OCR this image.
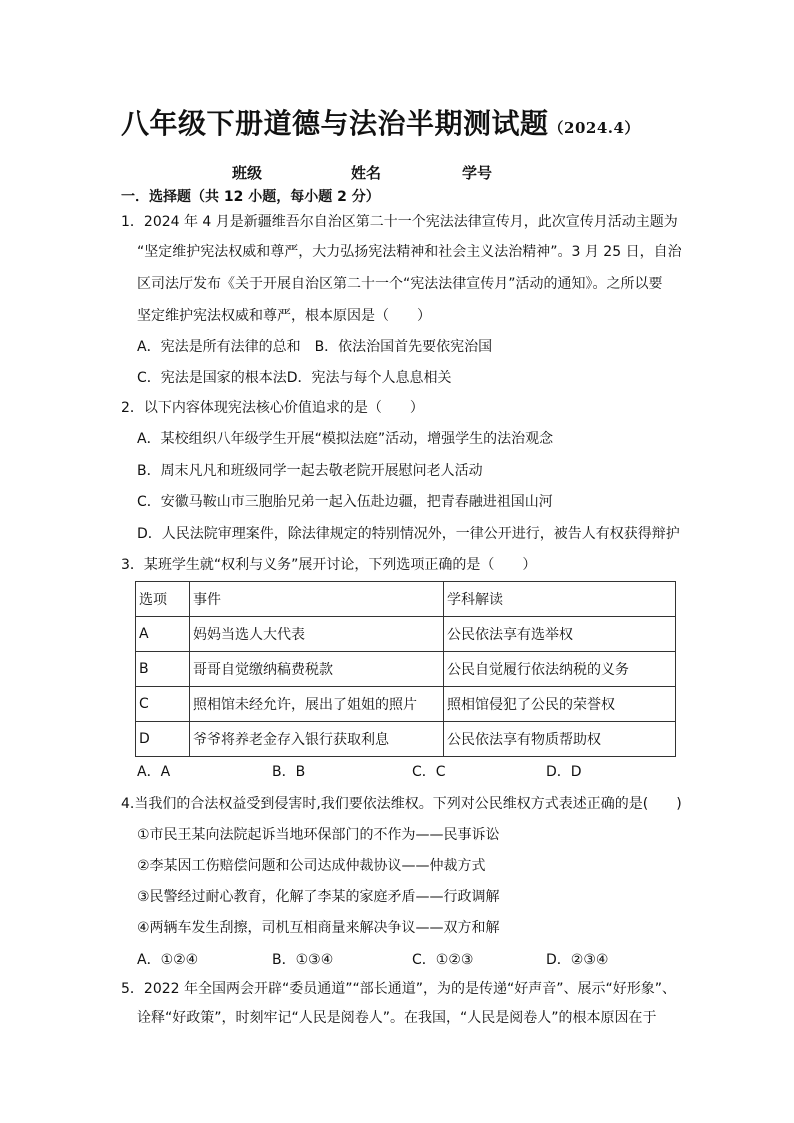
八年级下册道德与法治半期测试题（2024.4）
班级	姓名	学号
一．选择题（共 12 小题，每小题 2 分）
1．2024 年 4 月是新疆维吾尔自治区第二十一个宪法法律宣传月，此次宣传月活动主题为
“坚定维护宪法权威和尊严，大力弘扬宪法精神和社会主义法治精神”。3 月 25 日，自治
区司法厅发布《关于开展自治区第二十一个“宪法法律宣传月”活动的通知》。之所以要
坚定维护宪法权威和尊严，根本原因是（　　）
A．宪法是所有法律的总和　B．依法治国首先要依宪治国
C．宪法是国家的根本法D．宪法与每个人息息相关
2．以下内容体现宪法核心价值追求的是（　　）
A．某校组织八年级学生开展“模拟法庭”活动，增强学生的法治观念
B．周末凡凡和班级同学一起去敬老院开展慰问老人活动
C．安徽马鞍山市三胞胎兄弟一起入伍赴边疆，把青春融进祖国山河
D．人民法院审理案件，除法律规定的特别情况外，一律公开进行，被告人有权获得辩护
3．某班学生就“权利与义务”展开讨论，下列选项正确的是（　　）
选项	事件	学科解读
A	妈妈当选人大代表	公民依法享有选举权
B	哥哥自觉缴纳稿费税款	公民自觉履行依法纳税的义务
C	照相馆未经允许，展出了姐姐的照片	照相馆侵犯了公民的荣誉权
D	爷爷将养老金存入银行获取利息	公民依法享有物质帮助权
A．A	B．B	C．C	D．D
4.当我们的合法权益受到侵害时,我们要依法维权。下列对公民维权方式表述正确的是(　　)
①市民王某向法院起诉当地环保部门的不作为——民事诉讼
②李某因工伤赔偿问题和公司达成仲裁协议——仲裁方式
③民警经过耐心教育，化解了李某的家庭矛盾——行政调解
④两辆车发生刮擦，司机互相商量来解决争议——双方和解
A．①②④	B．①③④	C．①②③	D．②③④
5．2022 年全国两会开辟“委员通道”“部长通道”，为的是传递“好声音”、展示“好形象”、
诠释“好政策”，时刻牢记“人民是阅卷人”。在我国，“人民是阅卷人”的根本原因在于
